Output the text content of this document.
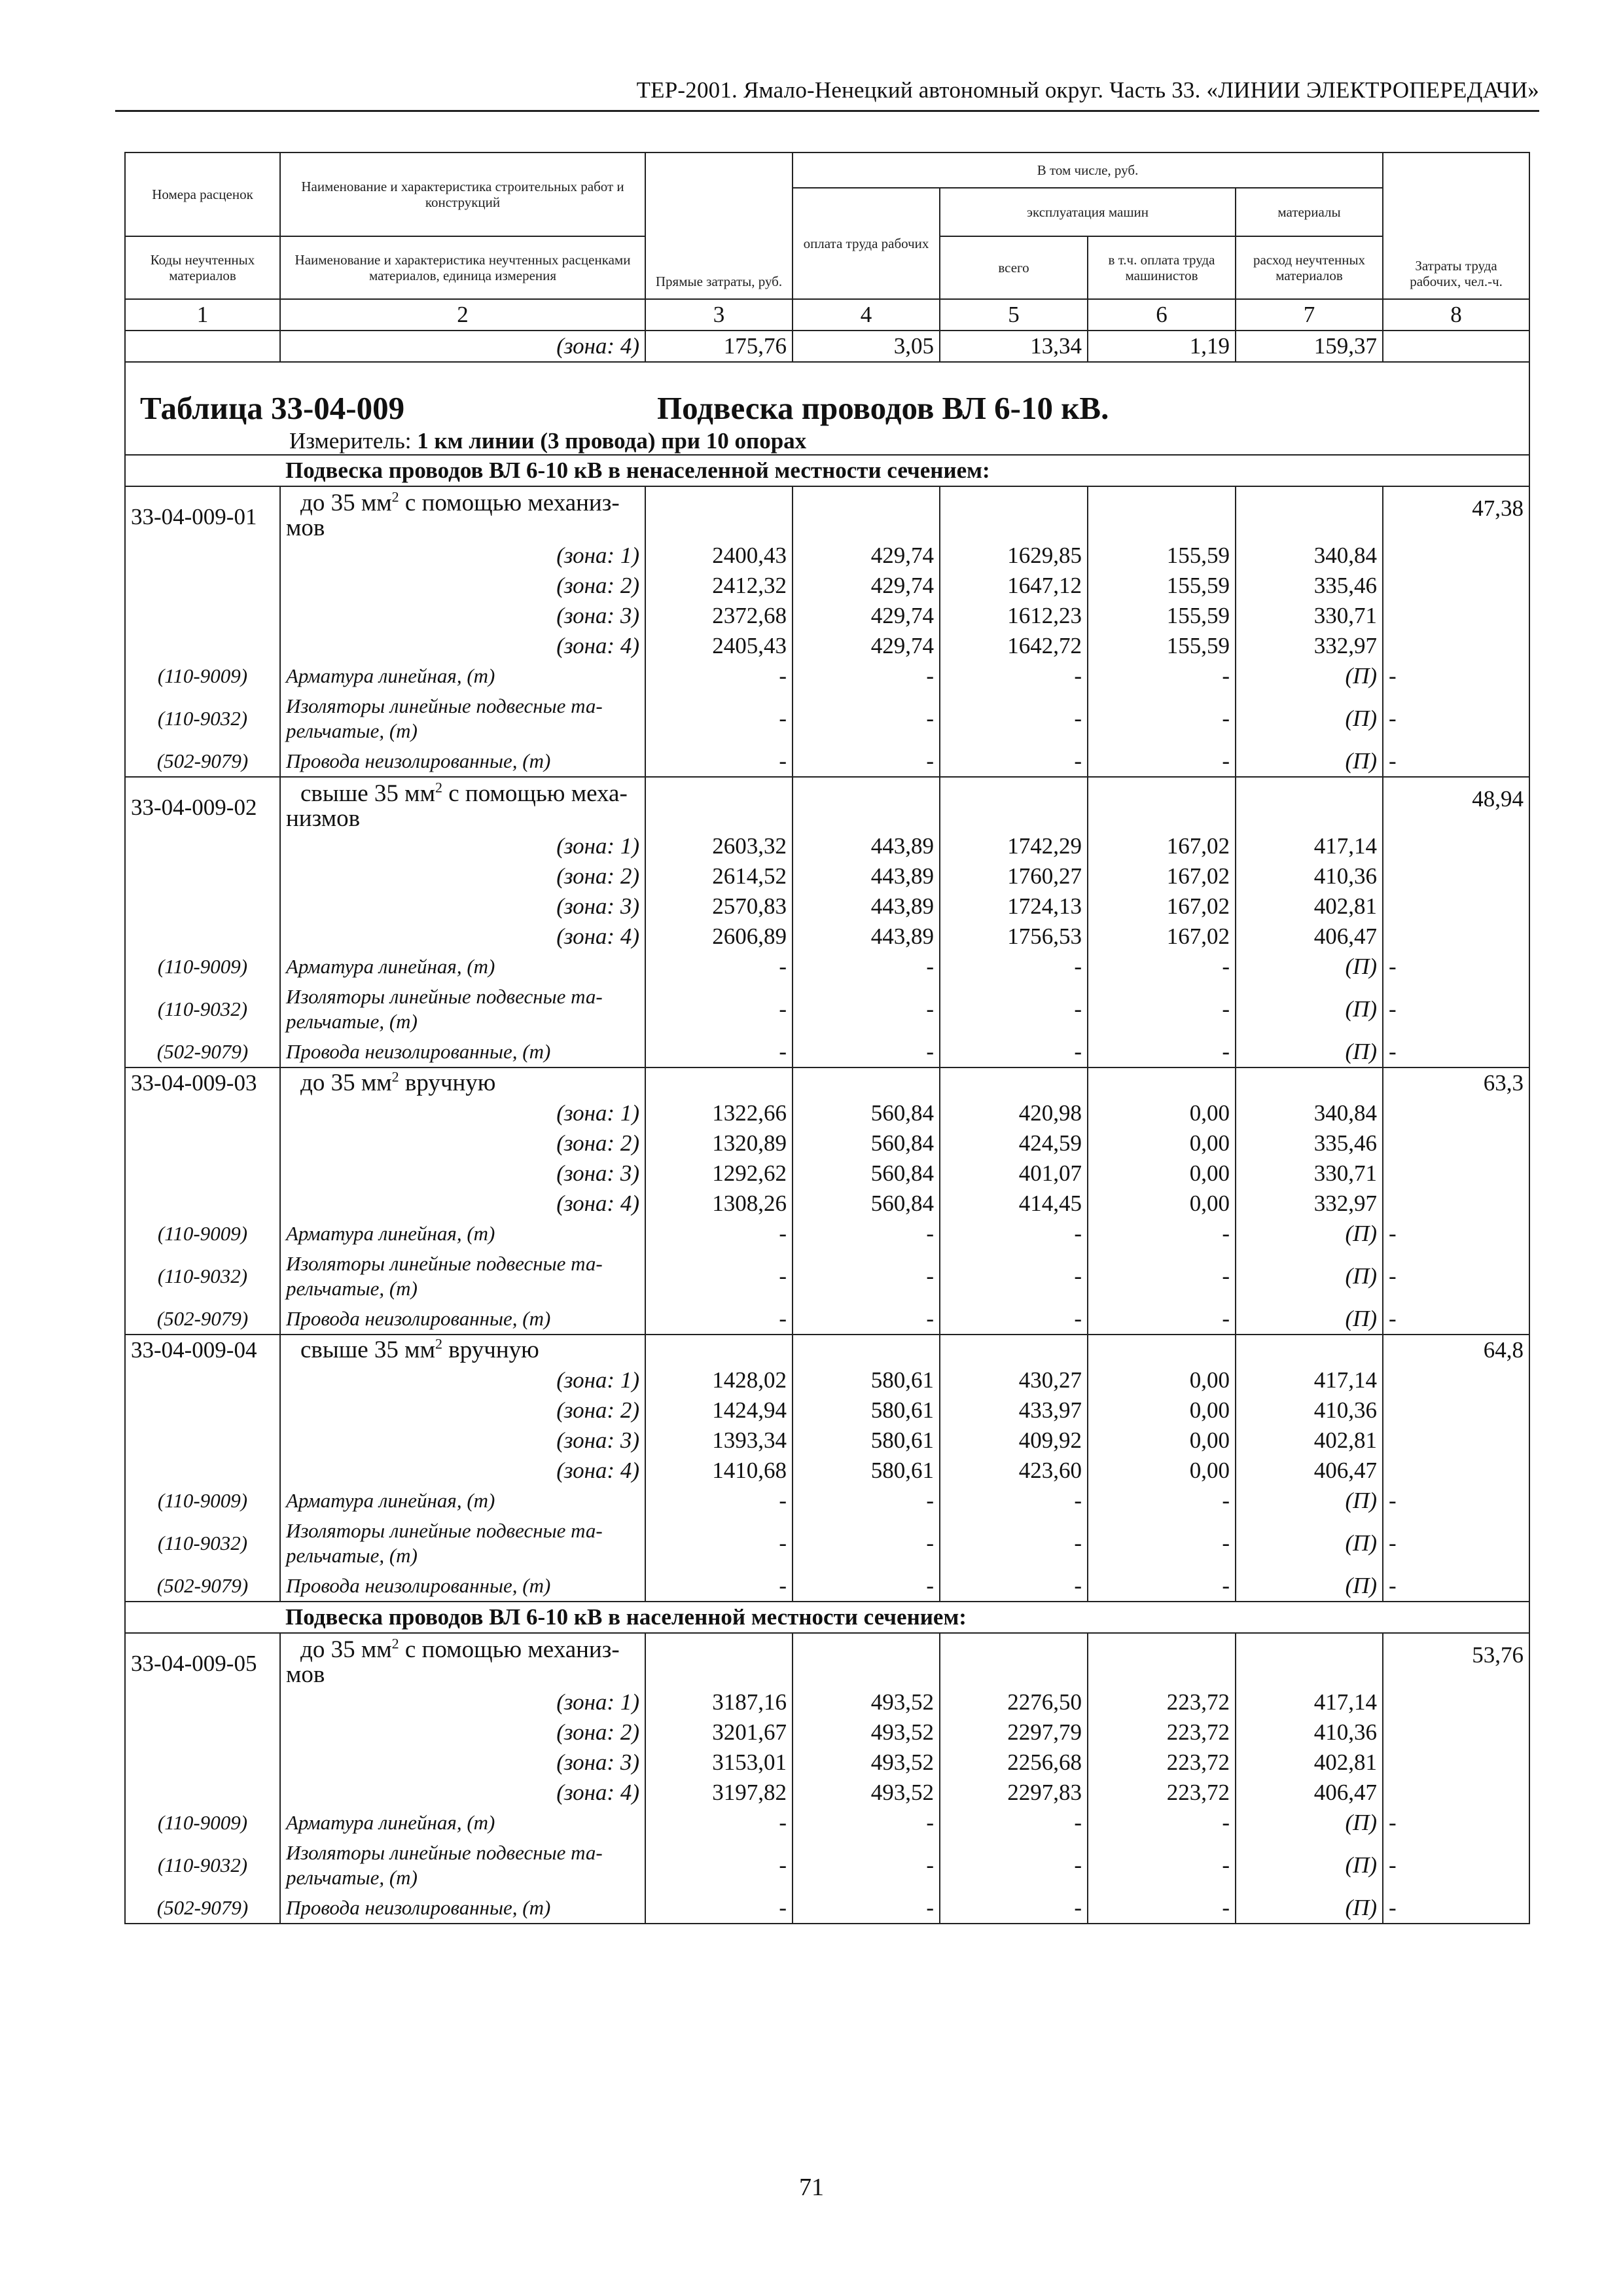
ТЕР-2001. Ямало-Ненецкий автономный округ. Часть 33. «ЛИНИИ ЭЛЕКТРОПЕРЕДАЧИ»
Номера расценок	Наименование и характеристика строительных работ и конструкций	Прямые затраты, руб.	В том числе, руб.				Затраты труда рабочих, чел.-ч.
			оплата труда рабочих	эксплуатация машин		материалы	
Коды неучтенных материалов	Наименование и характеристика неучтенных расценками материалов, единица измерения			всего	в т.ч. оплата труда машинистов	расход неучтенных материалов	
1	2	3	4	5	6	7	8
	(зона: 4)	175,76	3,05	13,34	1,19	159,37	

Таблица 33-04-009 Подвеска проводов ВЛ 6-10 кВ.							

Измеритель: 1 км линии (3 провода) при 10 опорах							
	Подвеска проводов ВЛ 6-10 кВ в ненаселенной местности сечением:						
33-04-009-01	до 35 $мм^2$ с помощью механиз-
мов						47,38
	(зона: 1)	2400,43	429,74	1629,85	155,59	340,84	
	(зона: 2)	2412,32	429,74	1647,12	155,59	335,46	
	(зона: 3)	2372,68	429,74	1612,23	155,59	330,71	
	(зона: 4)	2405,43	429,74	1642,72	155,59	332,97	
(110-9009)	Арматура линейная, (т)	-	-	-	-	(П)	-
(110-9032)	Изоляторы линейные подвесные та-
рельчатые, (т)	-	-	-	-	(П)	-
(502-9079)	Провода неизолированные, (т)	-	-	-	-	(П)	-
33-04-009-02	свыше 35 $мм^2$ с помощью меха-
низмов						48,94
	(зона: 1)	2603,32	443,89	1742,29	167,02	417,14	
	(зона: 2)	2614,52	443,89	1760,27	167,02	410,36	
	(зона: 3)	2570,83	443,89	1724,13	167,02	402,81	
	(зона: 4)	2606,89	443,89	1756,53	167,02	406,47	
(110-9009)	Арматура линейная, (т)	-	-	-	-	(П)	-
(110-9032)	Изоляторы линейные подвесные та-
рельчатые, (т)	-	-	-	-	(П)	-
(502-9079)	Провода неизолированные, (т)	-	-	-	-	(П)	-
33-04-009-03	до 35 $мм^2$ вручную						63,3
	(зона: 1)	1322,66	560,84	420,98	0,00	340,84	
	(зона: 2)	1320,89	560,84	424,59	0,00	335,46	
	(зона: 3)	1292,62	560,84	401,07	0,00	330,71	
	(зона: 4)	1308,26	560,84	414,45	0,00	332,97	
(110-9009)	Арматура линейная, (т)	-	-	-	-	(П)	-
(110-9032)	Изоляторы линейные подвесные та-
рельчатые, (т)	-	-	-	-	(П)	-
(502-9079)	Провода неизолированные, (т)	-	-	-	-	(П)	-
33-04-009-04	свыше 35 $мм^2$ вручную						64,8
	(зона: 1)	1428,02	580,61	430,27	0,00	417,14	
	(зона: 2)	1424,94	580,61	433,97	0,00	410,36	
	(зона: 3)	1393,34	580,61	409,92	0,00	402,81	
	(зона: 4)	1410,68	580,61	423,60	0,00	406,47	
(110-9009)	Арматура линейная, (т)	-	-	-	-	(П)	-
(110-9032)	Изоляторы линейные подвесные та-
рельчатые, (т)	-	-	-	-	(П)	-
(502-9079)	Провода неизолированные, (т)	-	-	-	-	(П)	-
	Подвеска проводов ВЛ 6-10 кВ в населенной местности сечением:						
33-04-009-05	до 35 $мм^2$ с помощью механиз-
мов						53,76
	(зона: 1)	3187,16	493,52	2276,50	223,72	417,14	
	(зона: 2)	3201,67	493,52	2297,79	223,72	410,36	
	(зона: 3)	3153,01	493,52	2256,68	223,72	402,81	
	(зона: 4)	3197,82	493,52	2297,83	223,72	406,47	
(110-9009)	Арматура линейная, (т)	-	-	-	-	(П)	-
(110-9032)	Изоляторы линейные подвесные та-
рельчатые, (т)	-	-	-	-	(П)	-
(502-9079)	Провода неизолированные, (т)	-	-	-	-	(П)	-
71
